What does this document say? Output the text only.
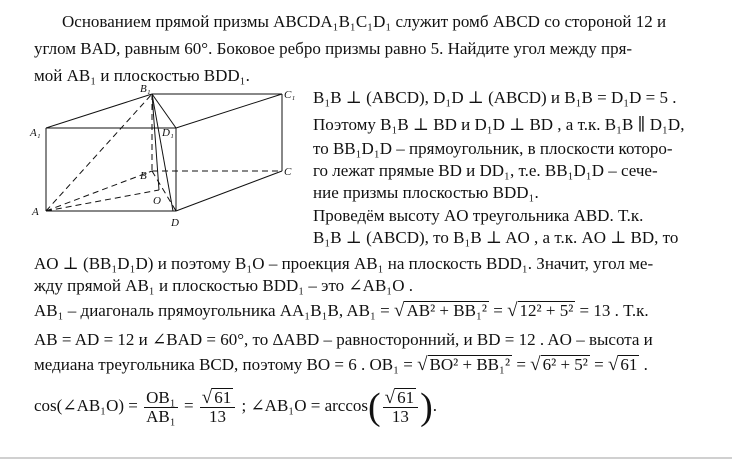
Основанием прямой призмы ABCDA₁B₁C₁D₁ служит ромб ABCD со стороной 12 и
углом BAD, равным 60°. Боковое ребро призмы равно 5. Найдите угол между пря-
мой AB₁ и плоскостью BDD₁.
B₁	C₁
A₁	D₁
B	C
O
A
D
B₁B ⊥ (ABCD), D₁D ⊥ (ABCD) и B₁B = D₁D = 5 .
Поэтому B₁B ⊥ BD и D₁D ⊥ BD , а т.к. B₁B ∥ D₁D,
то BB₁D₁D – прямоугольник, в плоскости которо-
го лежат прямые BD и DD₁, т.е. BB₁D₁D – сече-
ние призмы плоскостью BDD₁.
Проведём высоту AO треугольника ABD. Т.к.
B₁B ⊥ (ABCD), то B₁B ⊥ AO , а т.к. AO ⊥ BD, то
AO ⊥ (BB₁D₁D) и поэтому B₁O – проекция AB₁ на плоскость BDD₁. Значит, угол ме-
жду прямой AB₁ и плоскостью BDD₁ – это ∠AB₁O .
AB₁ – диагональ прямоугольника AA₁B₁B, AB₁ = √ AB² + BB₁² = √ 12² + 5² = 13 . Т.к.
AB = AD = 12 и ∠BAD = 60°, то ΔABD – равносторонний, и BD = 12 . AO – высота и
медиана треугольника BCD, поэтому BO = 6 . OB₁ = √ BO² + BB₁² = √ 6² + 5² = √ 61 .
cos(∠AB₁O) = $\frac{\text{OB₁}}{\text{AB₁}} = \frac{√ 61}{13}$ ; ∠AB₁O = $\arccos( \frac{√ 61}{13}$ ).
